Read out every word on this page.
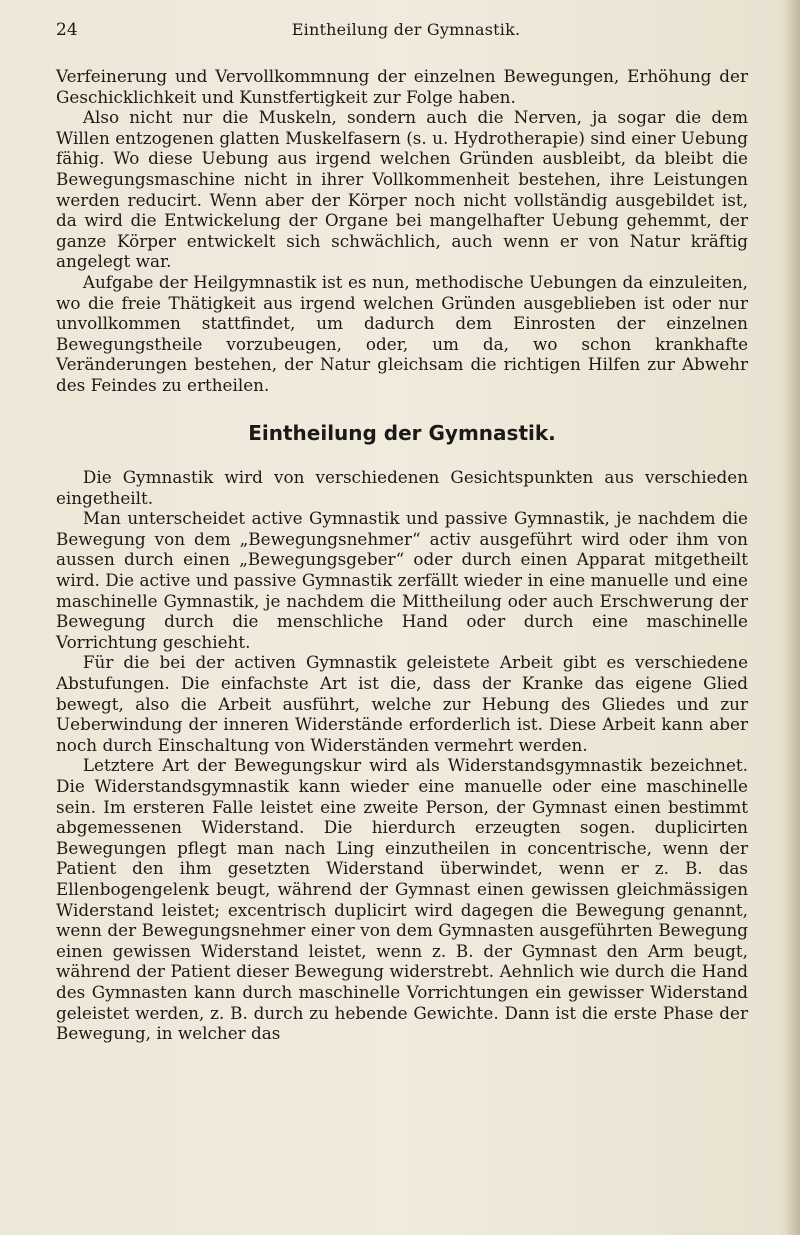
24	Eintheilung der Gymnastik.

Verfeinerung und Vervollkommnung der einzelnen Bewegungen, Erhöhung der Geschicklichkeit und Kunstfertigkeit zur Folge haben.

Also nicht nur die Muskeln, sondern auch die Nerven, ja sogar die dem Willen entzogenen glatten Muskelfasern (s. u. Hydrotherapie) sind einer Uebung fähig. Wo diese Uebung aus irgend welchen Gründen ausbleibt, da bleibt die Bewegungsmaschine nicht in ihrer Vollkommenheit bestehen, ihre Leistungen werden reducirt. Wenn aber der Körper noch nicht vollständig ausgebildet ist, da wird die Entwickelung der Organe bei mangelhafter Uebung gehemmt, der ganze Körper entwickelt sich schwächlich, auch wenn er von Natur kräftig angelegt war.

Aufgabe der Heilgymnastik ist es nun, methodische Uebungen da einzuleiten, wo die freie Thätigkeit aus irgend welchen Gründen ausgeblieben ist oder nur unvollkommen stattfindet, um dadurch dem Einrosten der einzelnen Bewegungstheile vorzubeugen, oder, um da, wo schon krankhafte Veränderungen bestehen, der Natur gleichsam die richtigen Hilfen zur Abwehr des Feindes zu ertheilen.

Eintheilung der Gymnastik.

Die Gymnastik wird von verschiedenen Gesichtspunkten aus verschieden eingetheilt.

Man unterscheidet active Gymnastik und passive Gymnastik, je nachdem die Bewegung von dem „Bewegungsnehmer“ activ ausgeführt wird oder ihm von aussen durch einen „Bewegungsgeber“ oder durch einen Apparat mitgetheilt wird. Die active und passive Gymnastik zerfällt wieder in eine manuelle und eine maschinelle Gymnastik, je nachdem die Mittheilung oder auch Erschwerung der Bewegung durch die menschliche Hand oder durch eine maschinelle Vorrichtung geschieht.

Für die bei der activen Gymnastik geleistete Arbeit gibt es verschiedene Abstufungen. Die einfachste Art ist die, dass der Kranke das eigene Glied bewegt, also die Arbeit ausführt, welche zur Hebung des Gliedes und zur Ueberwindung der inneren Widerstände erforderlich ist. Diese Arbeit kann aber noch durch Einschaltung von Widerständen vermehrt werden.

Letztere Art der Bewegungskur wird als Widerstandsgymnastik bezeichnet. Die Widerstandsgymnastik kann wieder eine manuelle oder eine maschinelle sein. Im ersteren Falle leistet eine zweite Person, der Gymnast einen bestimmt abgemessenen Widerstand. Die hierdurch erzeugten sogen. duplicirten Bewegungen pflegt man nach Ling einzutheilen in concentrische, wenn der Patient den ihm gesetzten Widerstand überwindet, wenn er z. B. das Ellenbogengelenk beugt, während der Gymnast einen gewissen gleichmässigen Widerstand leistet; excentrisch duplicirt wird dagegen die Bewegung genannt, wenn der Bewegungsnehmer einer von dem Gymnasten ausgeführten Bewegung einen gewissen Widerstand leistet, wenn z. B. der Gymnast den Arm beugt, während der Patient dieser Bewegung widerstrebt. Aehnlich wie durch die Hand des Gymnasten kann durch maschinelle Vorrichtungen ein gewisser Widerstand geleistet werden, z. B. durch zu hebende Gewichte. Dann ist die erste Phase der Bewegung, in welcher das
